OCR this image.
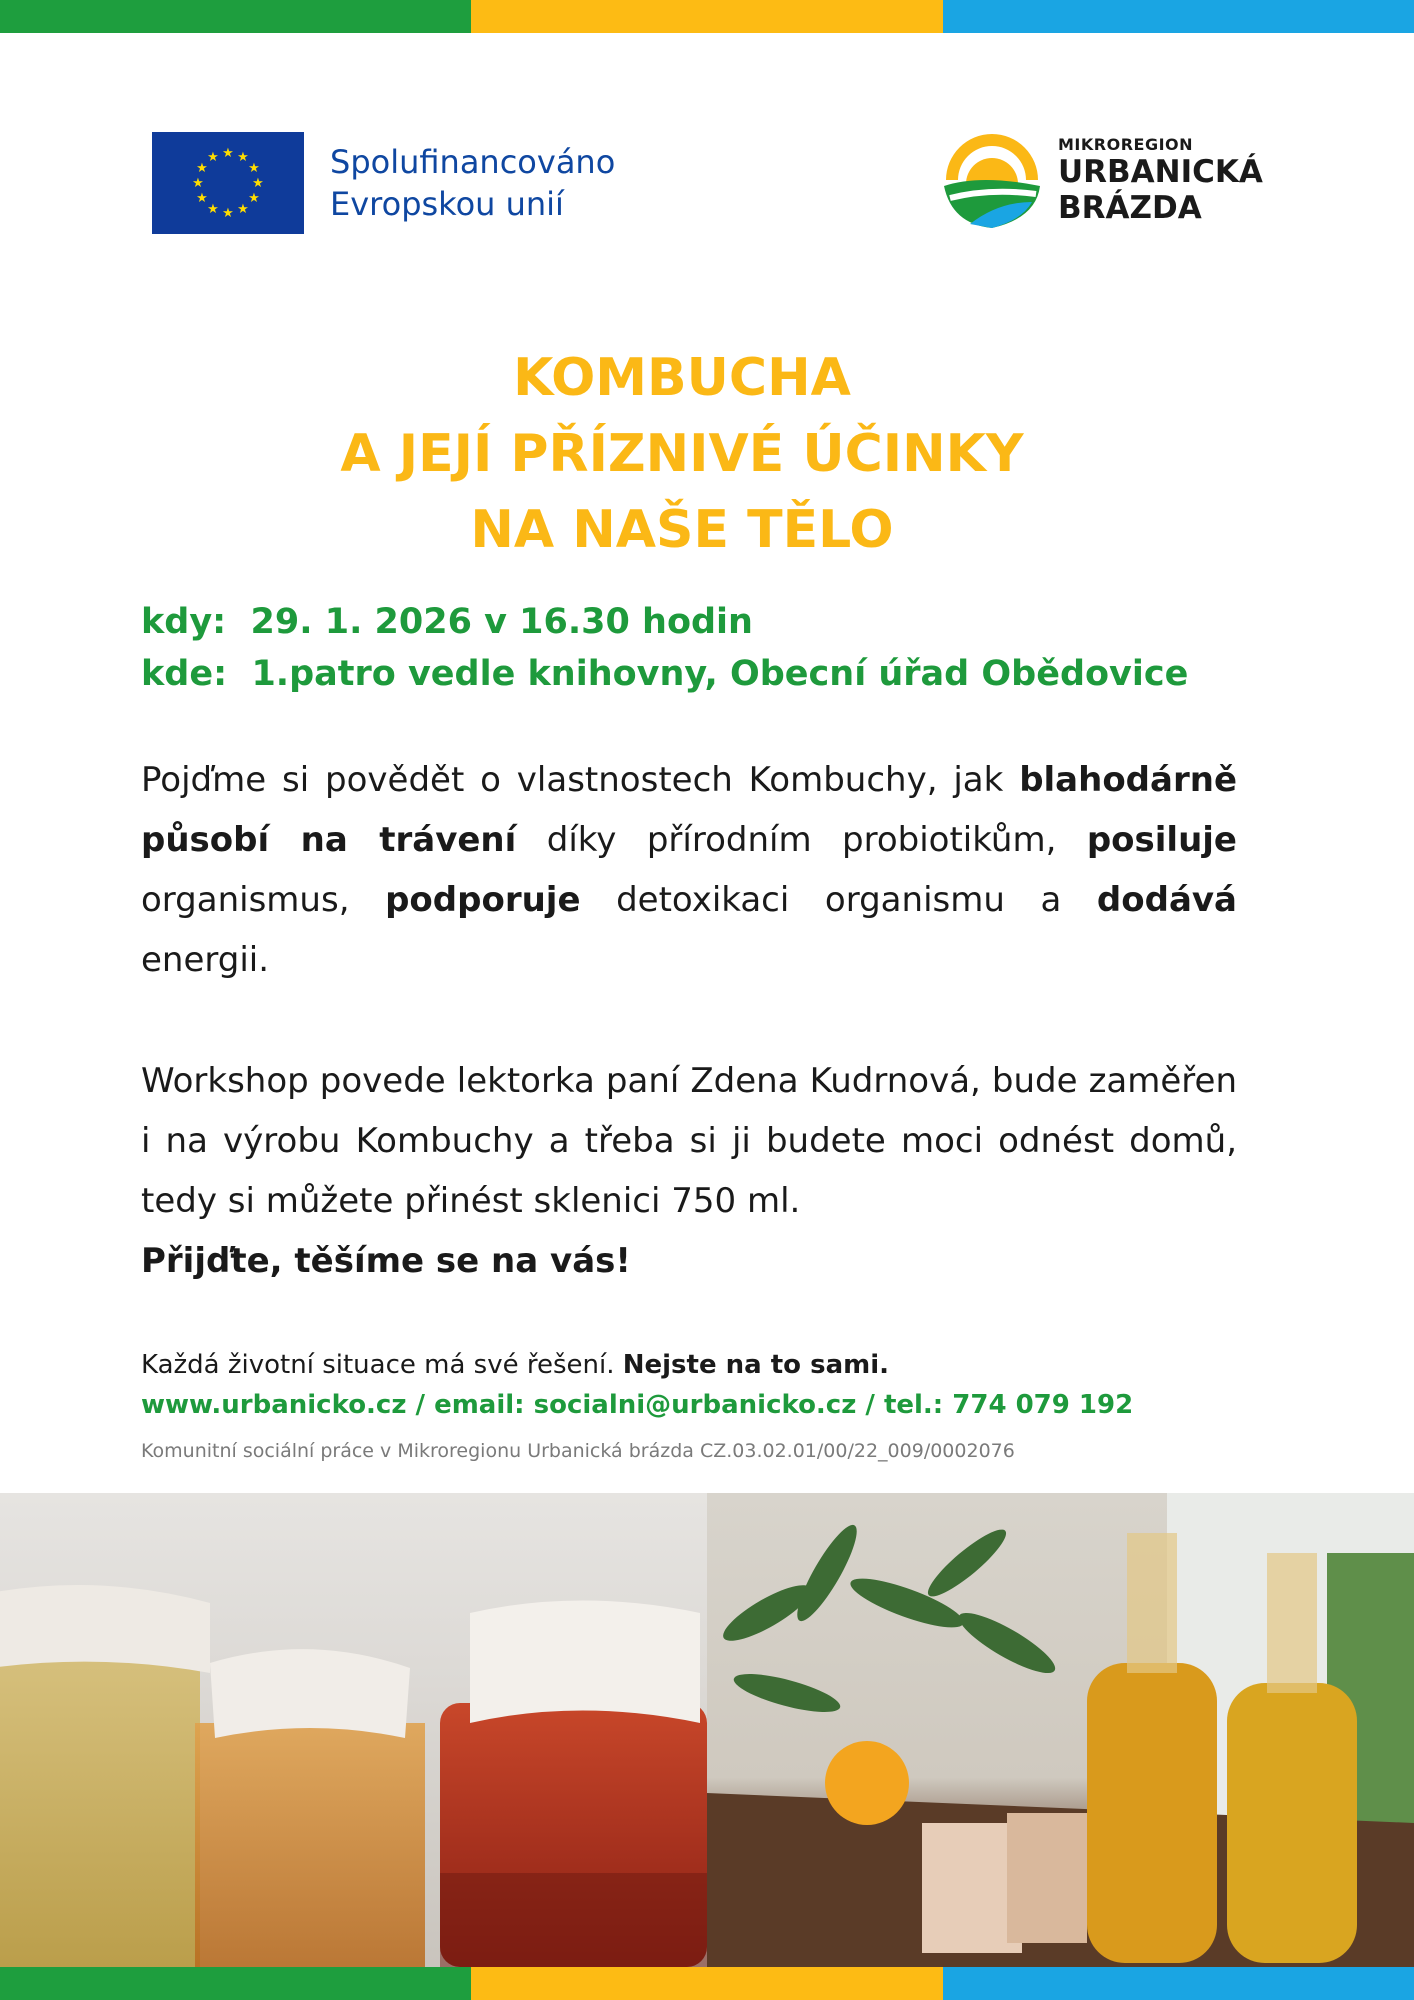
★ ★
★
★
★
★
★
★
★
★
★
★	Spolufinancováno
Evropskou unií
MIKROREGION
URBANICKÁ
BRÁZDA
KOMBUCHA
A JEJÍ PŘÍZNIVÉ ÚČINKY
NA NAŠE TĚLO
kdy: 29. 1. 2026 v 16.30 hodin
kde: 1.patro vedle knihovny, Obecní úřad Obědovice
Pojďme si povědět o vlastnostech Kombuchy, jak blahodárně působí na trávení díky přírodním probiotikům, posiluje organismus, podporuje detoxikaci organismu a dodává energii.
Workshop povede lektorka paní Zdena Kudrnová, bude zaměřen i na výrobu Kombuchy a třeba si ji budete moci odnést domů, tedy si můžete přinést sklenici 750 ml.
Přijďte, těšíme se na vás!
Každá životní situace má své řešení. Nejste na to sami.
www.urbanicko.cz / email: socialni@urbanicko.cz / tel.: 774 079 192
Komunitní sociální práce v Mikroregionu Urbanická brázda CZ.03.02.01/00/22_009/0002076
